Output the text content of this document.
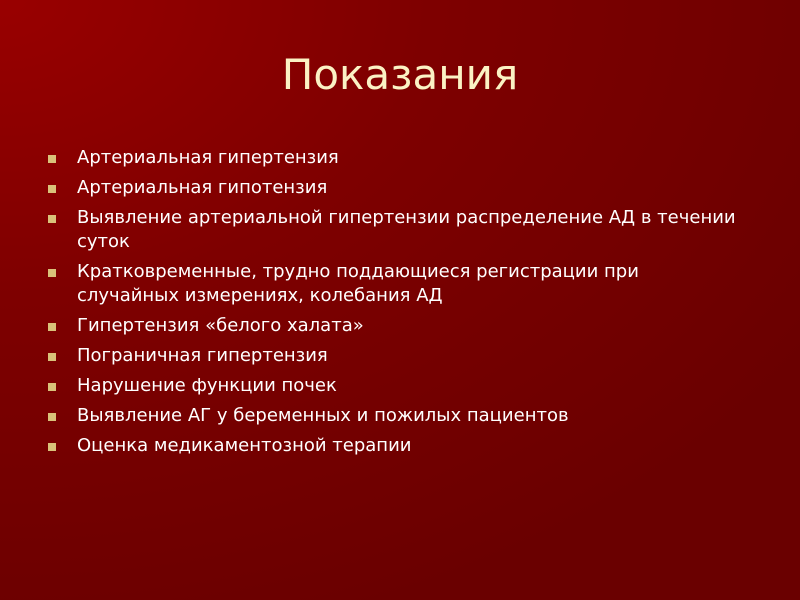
Показания
Артериальная гипертензия
Артериальная гипотензия
Выявление артериальной гипертензии распределение АД в течении суток
Кратковременные, трудно поддающиеся регистрации при случайных измерениях, колебания АД
Гипертензия «белого халата»
Пограничная гипертензия
Нарушение функции почек
Выявление АГ у беременных и пожилых пациентов
Оценка медикаментозной терапии
